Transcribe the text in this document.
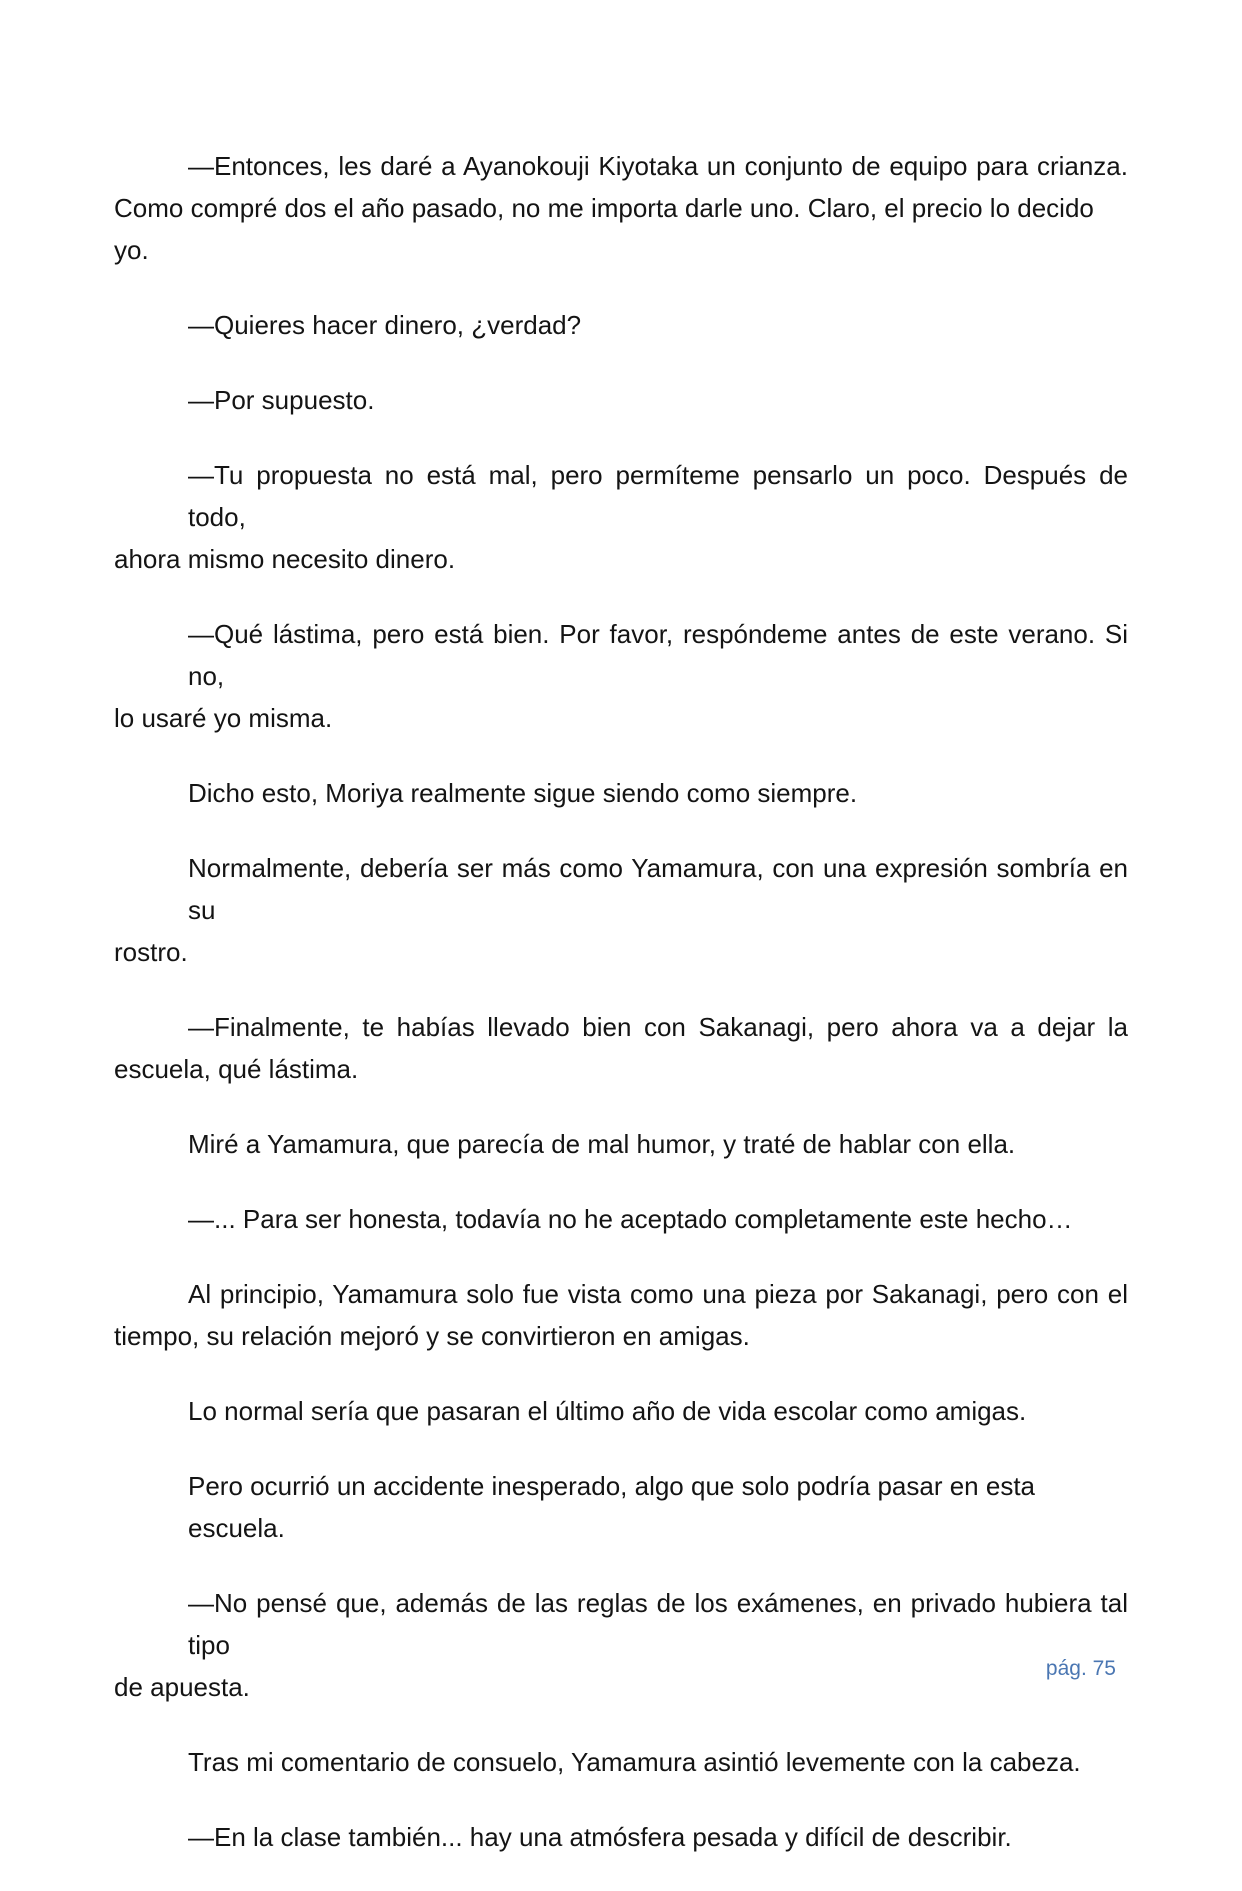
—Entonces, les daré a Ayanokouji Kiyotaka un conjunto de equipo para crianza.
Como compré dos el año pasado, no me importa darle uno. Claro, el precio lo decido yo.

—Quieres hacer dinero, ¿verdad?

—Por supuesto.

—Tu propuesta no está mal, pero permíteme pensarlo un poco. Después de todo,
ahora mismo necesito dinero.

—Qué lástima, pero está bien. Por favor, respóndeme antes de este verano. Si no,
lo usaré yo misma.

Dicho esto, Moriya realmente sigue siendo como siempre.

Normalmente, debería ser más como Yamamura, con una expresión sombría en su
rostro.

—Finalmente, te habías llevado bien con Sakanagi, pero ahora va a dejar la
escuela, qué lástima.

Miré a Yamamura, que parecía de mal humor, y traté de hablar con ella.

—... Para ser honesta, todavía no he aceptado completamente este hecho…

Al principio, Yamamura solo fue vista como una pieza por Sakanagi, pero con el
tiempo, su relación mejoró y se convirtieron en amigas.

Lo normal sería que pasaran el último año de vida escolar como amigas.

Pero ocurrió un accidente inesperado, algo que solo podría pasar en esta escuela.

—No pensé que, además de las reglas de los exámenes, en privado hubiera tal tipo
de apuesta.

Tras mi comentario de consuelo, Yamamura asintió levemente con la cabeza.

—En la clase también... hay una atmósfera pesada y difícil de describir.

pág. 75
